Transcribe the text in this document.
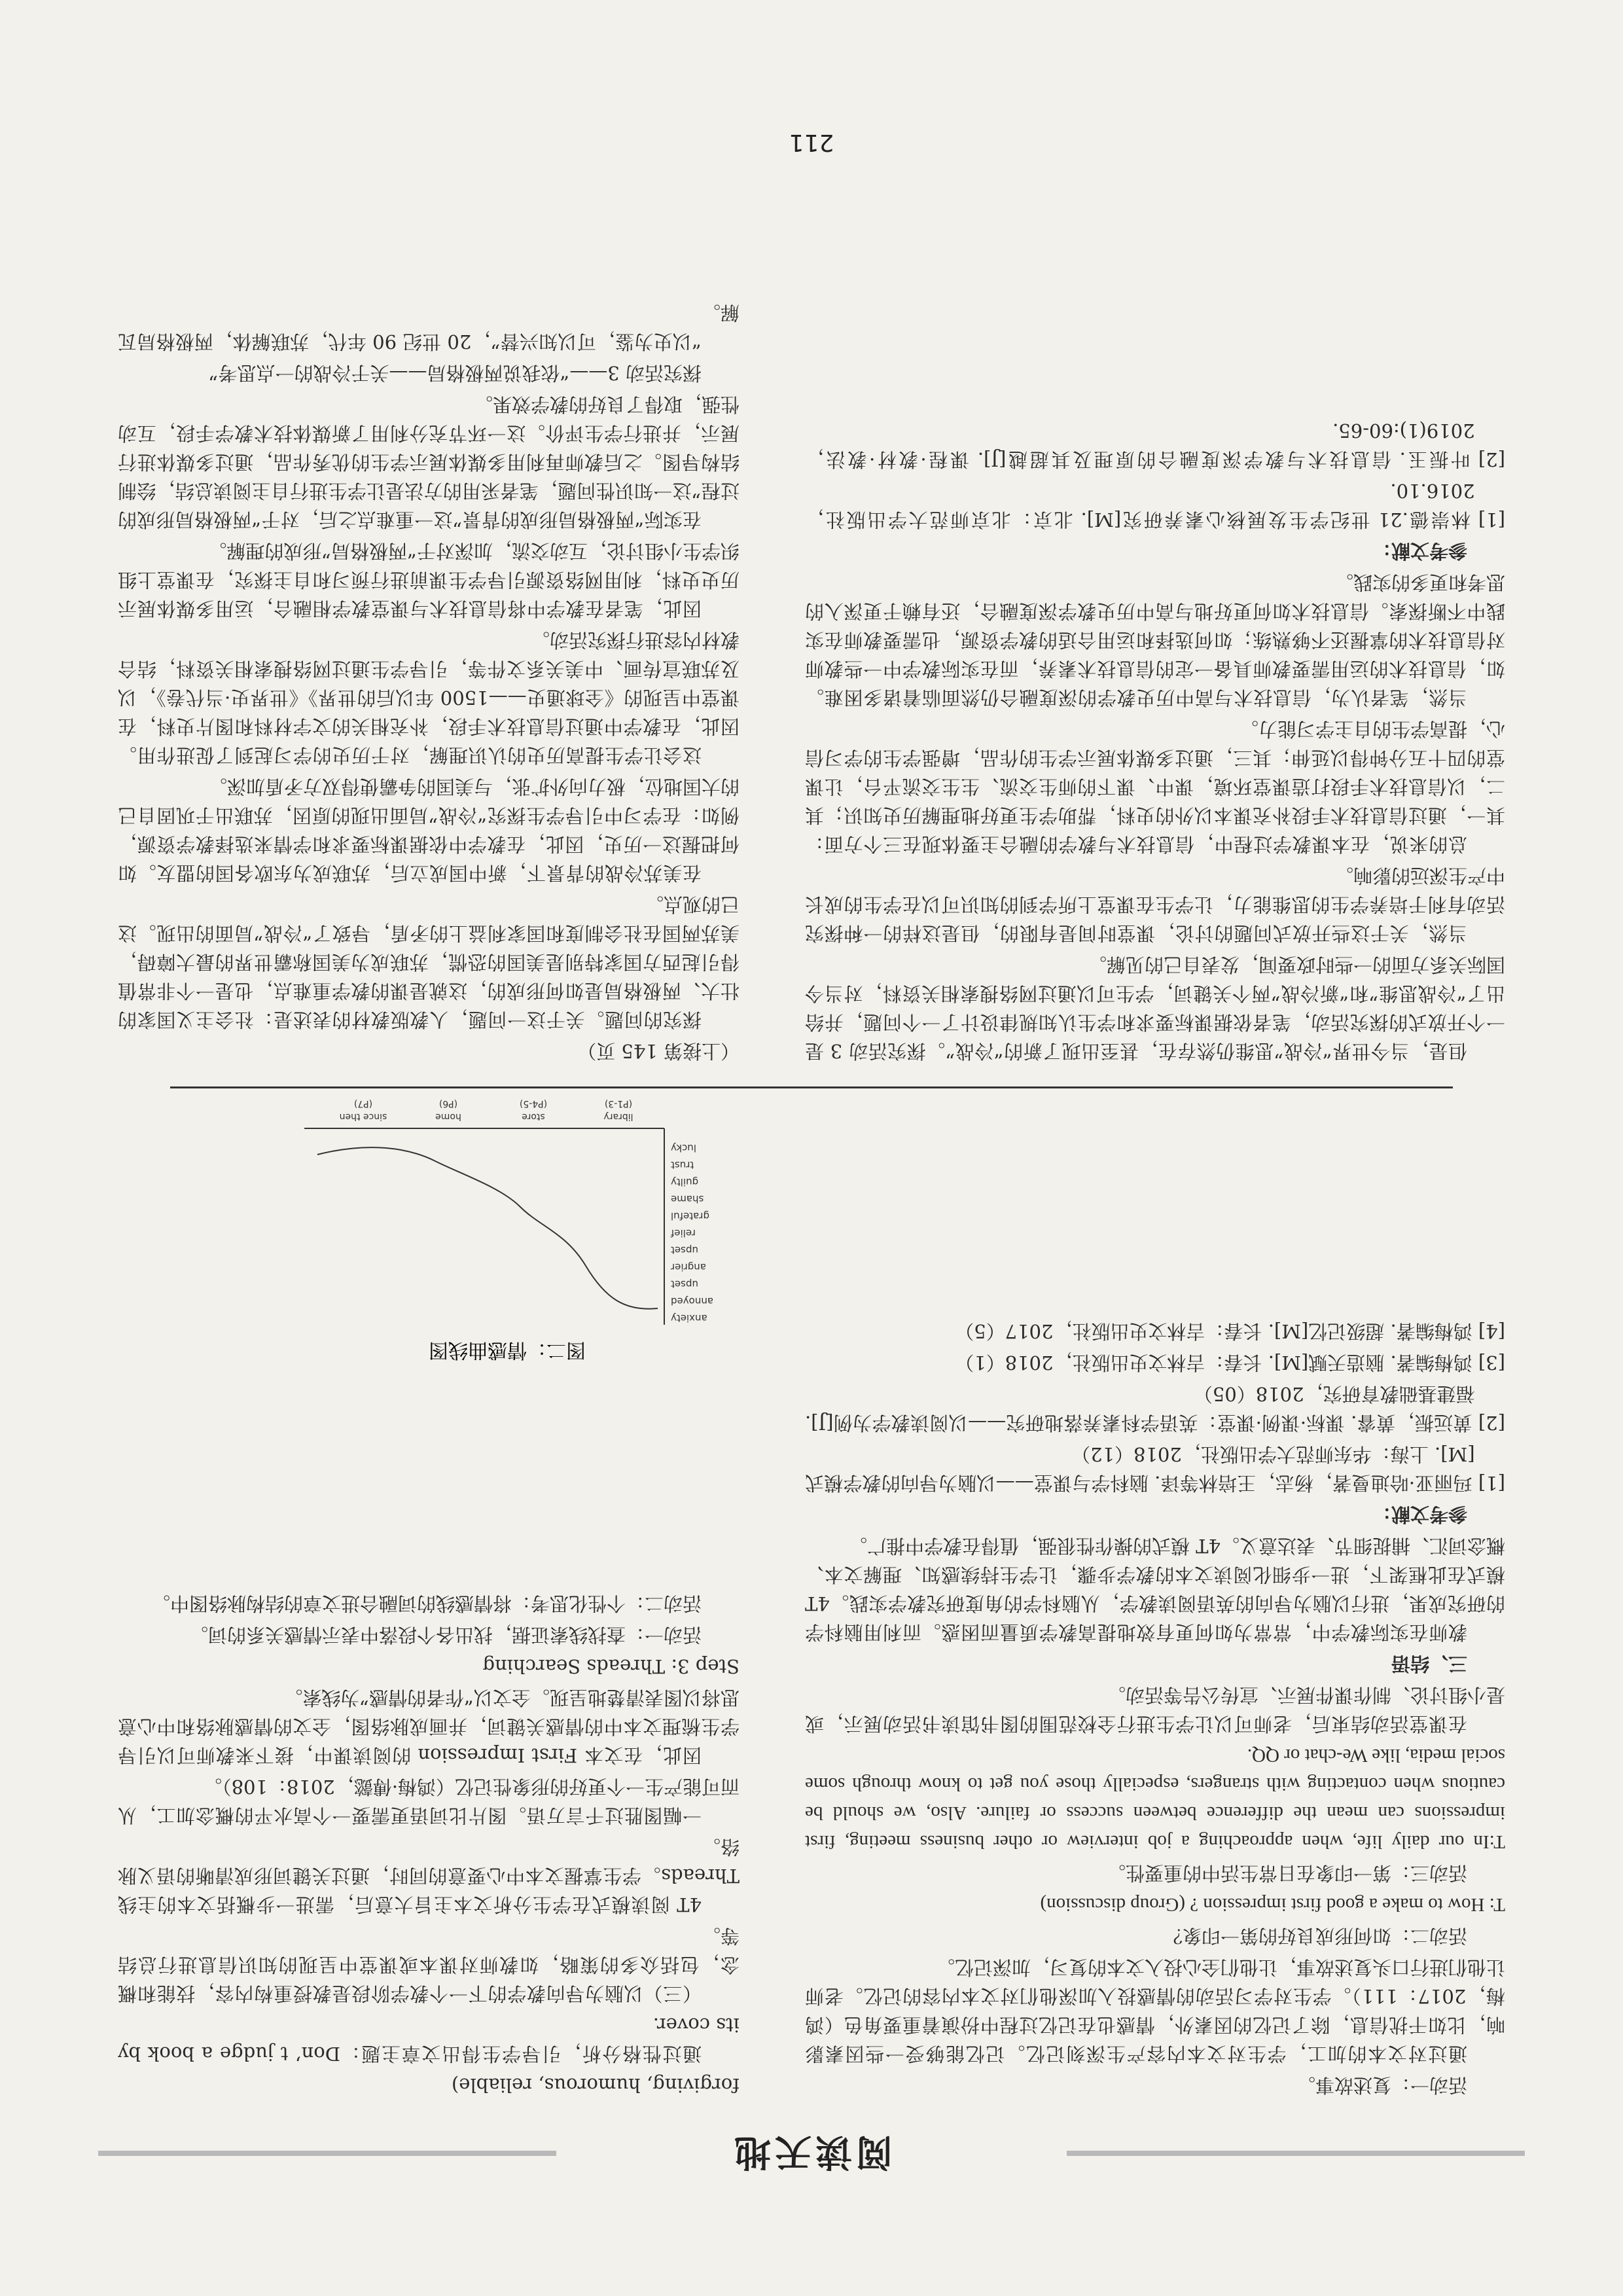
阅读天地

forgiving, humorous, reliable)

通过性格分析，引导学生得出文章主题：Don’ t judge a book by its cover.

（三）以脑为导向教学的下一个教学阶段是教授重构内容，技能和概念，包括众多的策略，如教师对课本或课堂中呈现的知识信息进行总结等。

4T 阅读模式在学生分析文本主旨大意后，需进一步概括文本的主线 Threads。学生掌握文本中心要意的同时，通过关键词形成清晰的语义脉络。

一幅图胜过千言万语。图片比词语更需要一个高水平的概念加工，从而可能产生一个更好的形象性记忆（鸿梅·傅懿，2018：108）。

因此，在文本 First Impression 的阅读课中，接下来教师可以引导学生梳理文本中的情感关键词，并画成脉络图，全文的情感脉络和中心意思将以图表清楚地呈现。全文以“作者的情感”为线索。

Step 3: Threads Searching

活动一：查找线索证据，找出各个段落中表示情感关系的词。

活动二：个性化思考：将情感线的词融合进文章的结构脉络图中。

图二：情感曲线图
anxiety
annoyed
upset
angrier
upset
relief
grateful
shame
guilty
trust
lucky
library
(P1-3)
store
(P4-5)
home
(P6)
since then
(P7)

活动一：复述故事。

通过对文本的加工，学生对文本内容产生深刻记忆。记忆能够受一些因素影响，比如干扰信息，除了记忆的因素外，情感也在记忆过程中扮演着重要角色（鸿梅，2017：111）。学生对学习活动的情感投入加深他们对文本内容的记忆。老师让他们进行口头复述故事，让他们全心投入文本的复习，加深记忆。

活动二：如何形成良好的第一印象？

T: How to make a good first impression ? (Group discussion)

活动三：第一印象在日常生活中的重要性。

T:In our daily life, when approaching a job interview or other business meeting, first impressions can mean the difference between success or failure. Also, we should be cautious when contacting with strangers, especially those you get to know through some social media, like We-chat or QQ.

在课堂活动结束后，老师可以让学生进行全校范围的图书馆读书活动展示，或是小组讨论、制作课件展示、宣传公告等活动。

三、结语

教师在实际教学中，常常为如何更有效地提高教学质量而困惑。而利用脑科学的研究成果，进行以脑为导向的英语阅读教学，从脑科学的角度研究教学实践。4T 模式在此框架下，进一步细化阅读文本的教学步骤，让学生持续感知、理解文本、概念词汇、捕捉细节、表达意义。4T 模式的操作性很强，值得在教学中推广。

参考文献：

[1] 玛丽亚·哈迪曼著，杨志，王培林等译. 脑科学与课堂——以脑为导向的教学模式[M]. 上海：华东师范大学出版社，2018（12）

[2] 黄远振，黄睿. 课标·课例·课堂：英语学科素养落地研究——以阅读教学为例[J]. 福建基础教育研究，2018（05）

[3] 鸿梅编著. 脑造天赋[M]. 长春：吉林文史出版社，2018（1）

[4] 鸿梅编著. 超级记忆[M]. 长春：吉林文史出版社，2017（5）

（上接第 145 页）

探究的问题。关于这一问题，人教版教材的表述是：社会主义国家的壮大、两极格局是如何形成的，这就是课的教学重难点，也是一个非常值得引起西方国家特别是美国的恐慌，苏联成为美国称霸世界的最大障碍，美苏两国在社会制度和国家利益上的矛盾，导致了“冷战”局面的出现。这已的观点。

在美苏冷战的背景下，新中国成立后，苏联成为东欧各国的盟友。如何把握这一历史，因此，在教学中依据课标要求和学情来选择教学资源，例如：在学习中引导学生探究“冷战”局面出现的原因，苏联出于巩固自己的大国地位，极力向外扩张，与美国的争霸使得双方矛盾加深。

这会让学生提高历史的认识理解，对于历史的学习起到了促进作用。因此，在教学中通过信息技术手段，补充相关的文字材料和图片史料，在课堂中呈现的《全球通史——1500 年以后的世界》《世界史·当代卷》，以及苏联宣传画、中美关系文件等，引导学生通过网络搜索相关资料，结合教材内容进行探究活动。

因此，笔者在教学中将信息技术与课堂教学相融合，运用多媒体展示历史史料，利用网络资源引导学生课前进行预习和自主探究，在课堂上组织学生小组讨论，互动交流，加深对于“两极格局”形成的理解。

在实际“两极格局形成的背景”这一重难点之后，对于“两极格局形成的过程”这一知识性问题，笔者采用的方法是让学生进行自主阅读总结，绘制结构导图。之后教师再利用多媒体展示学生的优秀作品，通过多媒体进行展示，并进行学生评价。这一环节充分利用了新媒体技术教学手段，互动性强，取得了良好的教学效果。

探究活动 3——“依我说两极格局——关于冷战的一点思考”

“以史为鉴，可以知兴替”，20 世纪 90 年代，苏联解体，两极格局瓦解。

但是，当今世界“冷战”思维仍然存在，甚至出现了新的“冷战”。探究活动 3 是一个开放式的探究活动，笔者依据课标要求和学生认知规律设计了一个问题，并给出了“冷战思维”和“新冷战”两个关键词，学生可以通过网络搜索相关资料，对当今国际关系方面的一些时政要闻，发表自己的见解。

当然，关于这些开放式问题的讨论，课堂时间是有限的，但是这样的一种探究活动有利于培养学生的思维能力，让学生在课堂上所学到的知识可以在学生的成长中产生深远的影响。

总的来说，在本课教学过程中，信息技术与教学的融合主要体现在三个方面：其一，通过信息技术手段补充课本以外的史料，帮助学生更好地理解历史知识；其二，以信息技术手段打造课堂环境，课中、课下的师生交流、生生交流平台，让课堂的四十五分钟得以延伸；其三，通过多媒体展示学生的作品，增强学生的学习信心，提高学生的自主学习能力。

当然，笔者认为，信息技术与高中历史教学的深度融合仍然面临着诸多困难。如，信息技术的运用需要教师具备一定的信息技术素养，而在实际教学中一些教师对信息技术的掌握还不够熟练；如何选择和运用合适的教学资源，也需要教师在实践中不断探索。信息技术如何更好地与高中历史教学深度融合，还有赖于更深入的思考和更多的实践。

参考文献：

[1] 林崇德.21 世纪学生发展核心素养研究[M]. 北京：北京师范大学出版社，2016.10.

[2] 叶振玉. 信息技术与教学深度融合的原理及其超越[J]. 课程·教材·教法，2019(1):60-65.

211
